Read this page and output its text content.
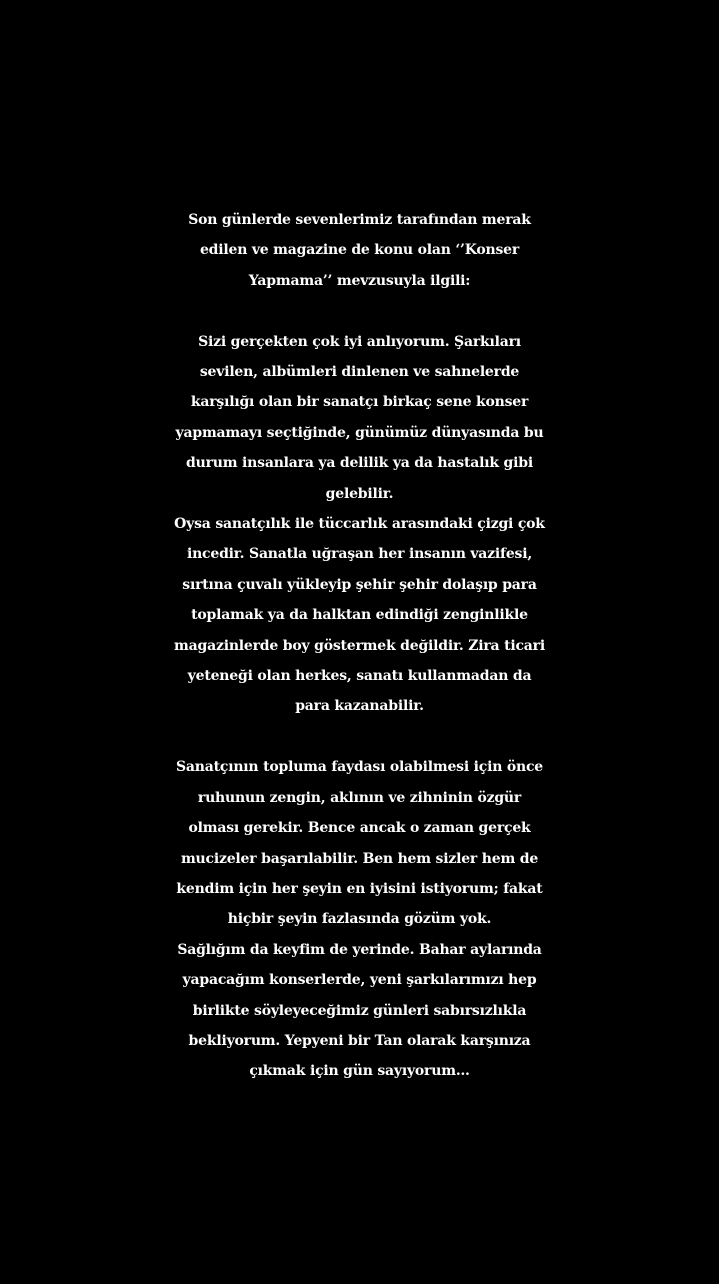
Son günlerde sevenlerimiz tarafından merak
edilen ve magazine de konu olan ‘’Konser
Yapmama’’ mevzusuyla ilgili:
Sizi gerçekten çok iyi anlıyorum. Şarkıları
sevilen, albümleri dinlenen ve sahnelerde
karşılığı olan bir sanatçı birkaç sene konser
yapmamayı seçtiğinde, günümüz dünyasında bu
durum insanlara ya delilik ya da hastalık gibi
gelebilir.
Oysa sanatçılık ile tüccarlık arasındaki çizgi çok
incedir. Sanatla uğraşan her insanın vazifesi,
sırtına çuvalı yükleyip şehir şehir dolaşıp para
toplamak ya da halktan edindiği zenginlikle
magazinlerde boy göstermek değildir. Zira ticari
yeteneği olan herkes, sanatı kullanmadan da
para kazanabilir.
Sanatçının topluma faydası olabilmesi için önce
ruhunun zengin, aklının ve zihninin özgür
olması gerekir. Bence ancak o zaman gerçek
mucizeler başarılabilir. Ben hem sizler hem de
kendim için her şeyin en iyisini istiyorum; fakat
hiçbir şeyin fazlasında gözüm yok.
Sağlığım da keyfim de yerinde. Bahar aylarında
yapacağım konserlerde, yeni şarkılarımızı hep
birlikte söyleyeceğimiz günleri sabırsızlıkla
bekliyorum. Yepyeni bir Tan olarak karşınıza
çıkmak için gün sayıyorum…
